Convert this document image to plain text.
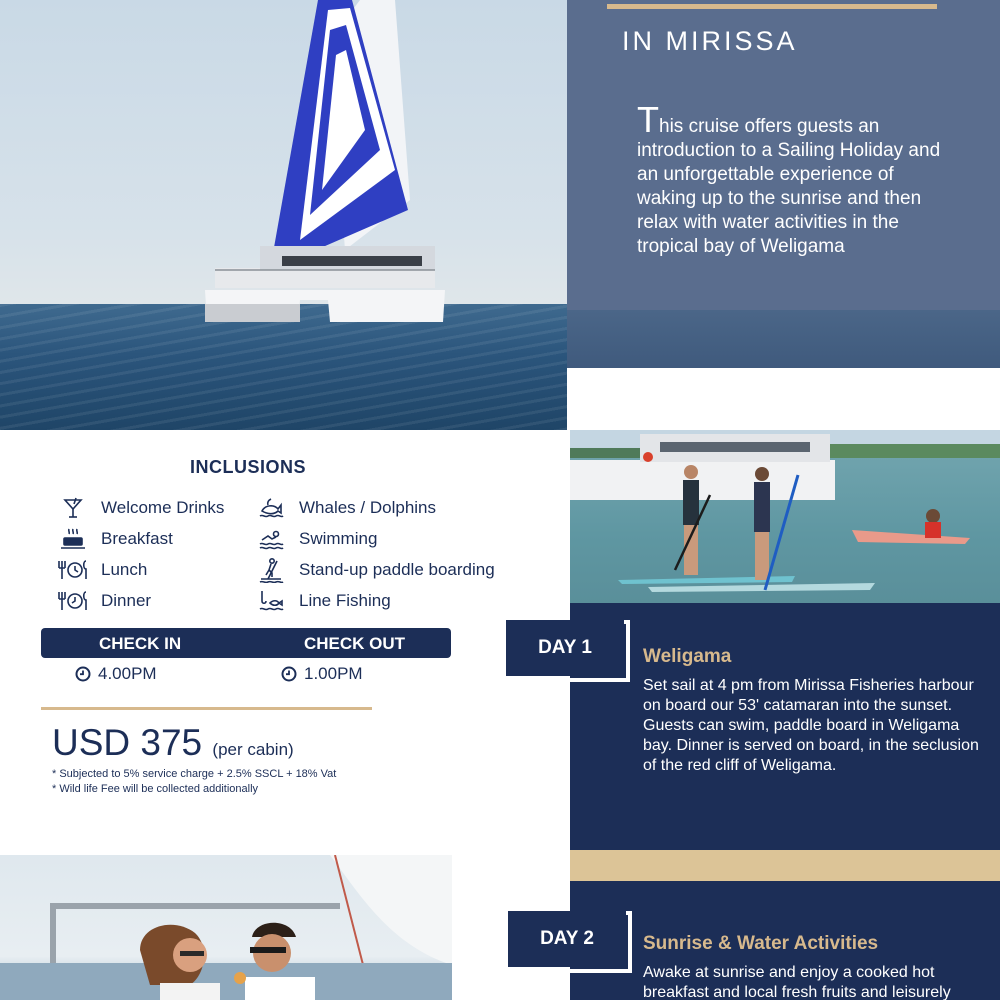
IN MIRISSA
This cruise offers guests an introduction to a Sailing Holiday and an unforgettable experience of waking up to the sunrise and then relax with water activities in the tropical bay of Weligama
INCLUSIONS
Welcome Drinks
Breakfast
Lunch
Dinner
Whales / Dolphins
Swimming
Stand-up paddle boarding
Line Fishing
CHECK IN	CHECK OUT
4.00PM	1.00PM
USD 375 (per cabin)
* Subjected to 5% service charge + 2.5% SSCL + 18% Vat
* Wild life Fee will be collected additionally
DAY 1	Weligama
Set sail at 4 pm from Mirissa Fisheries harbour on board our 53' catamaran into the sunset. Guests can swim, paddle board in Weligama bay. Dinner is served on board, in the seclusion of the red cliff of Weligama.
DAY 2	Sunrise & Water Activities
Awake at sunrise and enjoy a cooked hot breakfast and local fresh fruits and leisurely
